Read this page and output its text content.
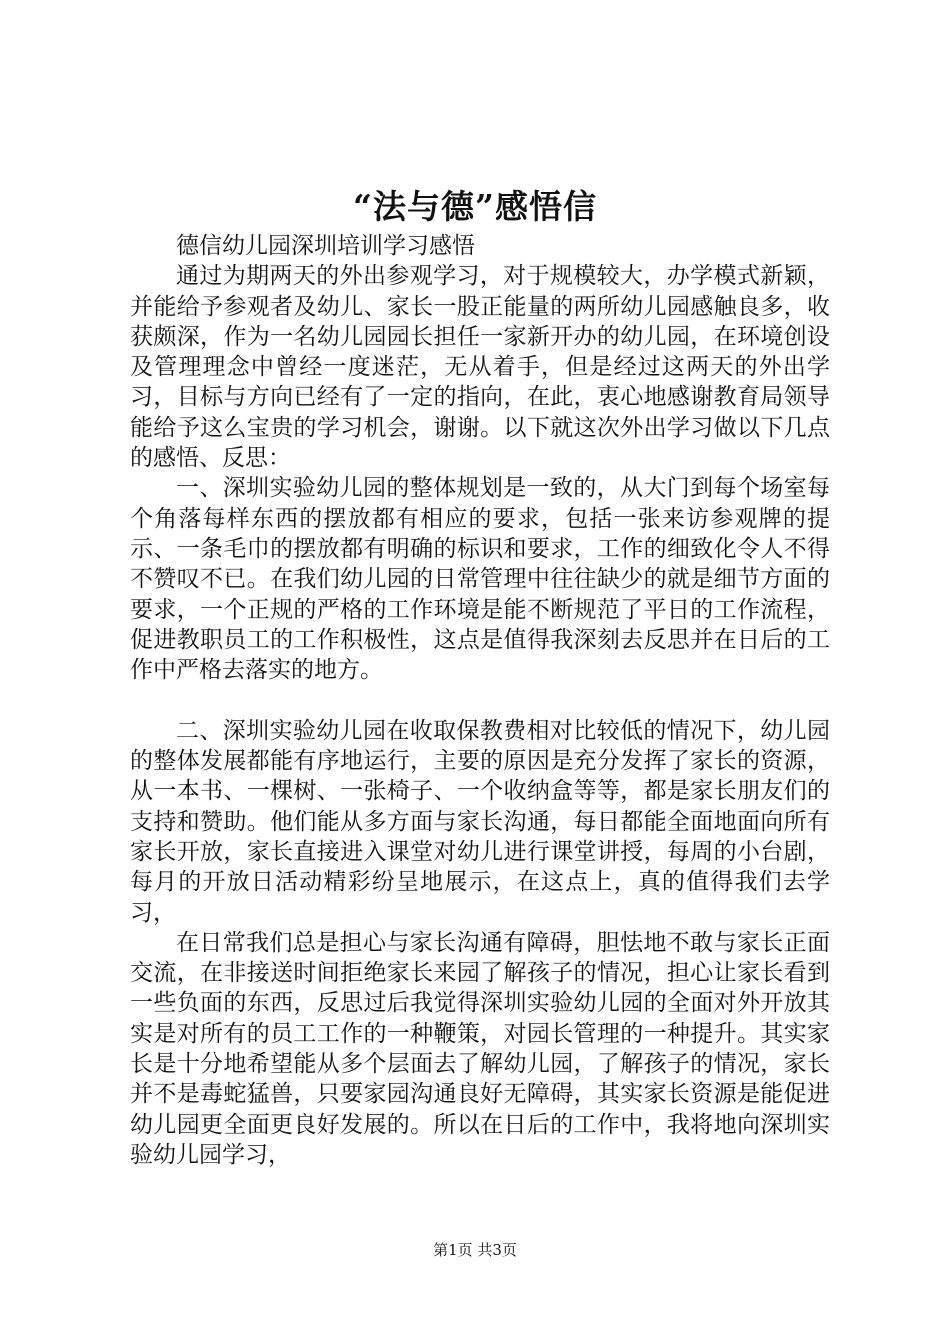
“法与德”感悟信

德信幼儿园深圳培训学习感悟

通过为期两天的外出参观学习，对于规模较大，办学模式新颖，并能给予参观者及幼儿、家长一股正能量的两所幼儿园感触良多，收获颇深，作为一名幼儿园园长担任一家新开办的幼儿园，在环境创设及管理理念中曾经一度迷茫，无从着手，但是经过这两天的外出学习，目标与方向已经有了一定的指向，在此，衷心地感谢教育局领导能给予这么宝贵的学习机会，谢谢。以下就这次外出学习做以下几点的感悟、反思：

一、深圳实验幼儿园的整体规划是一致的，从大门到每个场室每个角落每样东西的摆放都有相应的要求，包括一张来访参观牌的提示、一条毛巾的摆放都有明确的标识和要求，工作的细致化令人不得不赞叹不已。在我们幼儿园的日常管理中往往缺少的就是细节方面的要求，一个正规的严格的工作环境是能不断规范了平日的工作流程，促进教职员工的工作积极性，这点是值得我深刻去反思并在日后的工作中严格去落实的地方。

二、深圳实验幼儿园在收取保教费相对比较低的情况下，幼儿园的整体发展都能有序地运行，主要的原因是充分发挥了家长的资源，从一本书、一棵树、一张椅子、一个收纳盒等等，都是家长朋友们的支持和赞助。他们能从多方面与家长沟通，每日都能全面地面向所有家长开放，家长直接进入课堂对幼儿进行课堂讲授，每周的小台剧，每月的开放日活动精彩纷呈地展示，在这点上，真的值得我们去学习，

在日常我们总是担心与家长沟通有障碍，胆怯地不敢与家长正面交流，在非接送时间拒绝家长来园了解孩子的情况，担心让家长看到一些负面的东西，反思过后我觉得深圳实验幼儿园的全面对外开放其实是对所有的员工工作的一种鞭策，对园长管理的一种提升。其实家长是十分地希望能从多个层面去了解幼儿园，了解孩子的情况，家长并不是毒蛇猛兽，只要家园沟通良好无障碍，其实家长资源是能促进幼儿园更全面更良好发展的。所以在日后的工作中，我将地向深圳实验幼儿园学习，

第1页 共3页
